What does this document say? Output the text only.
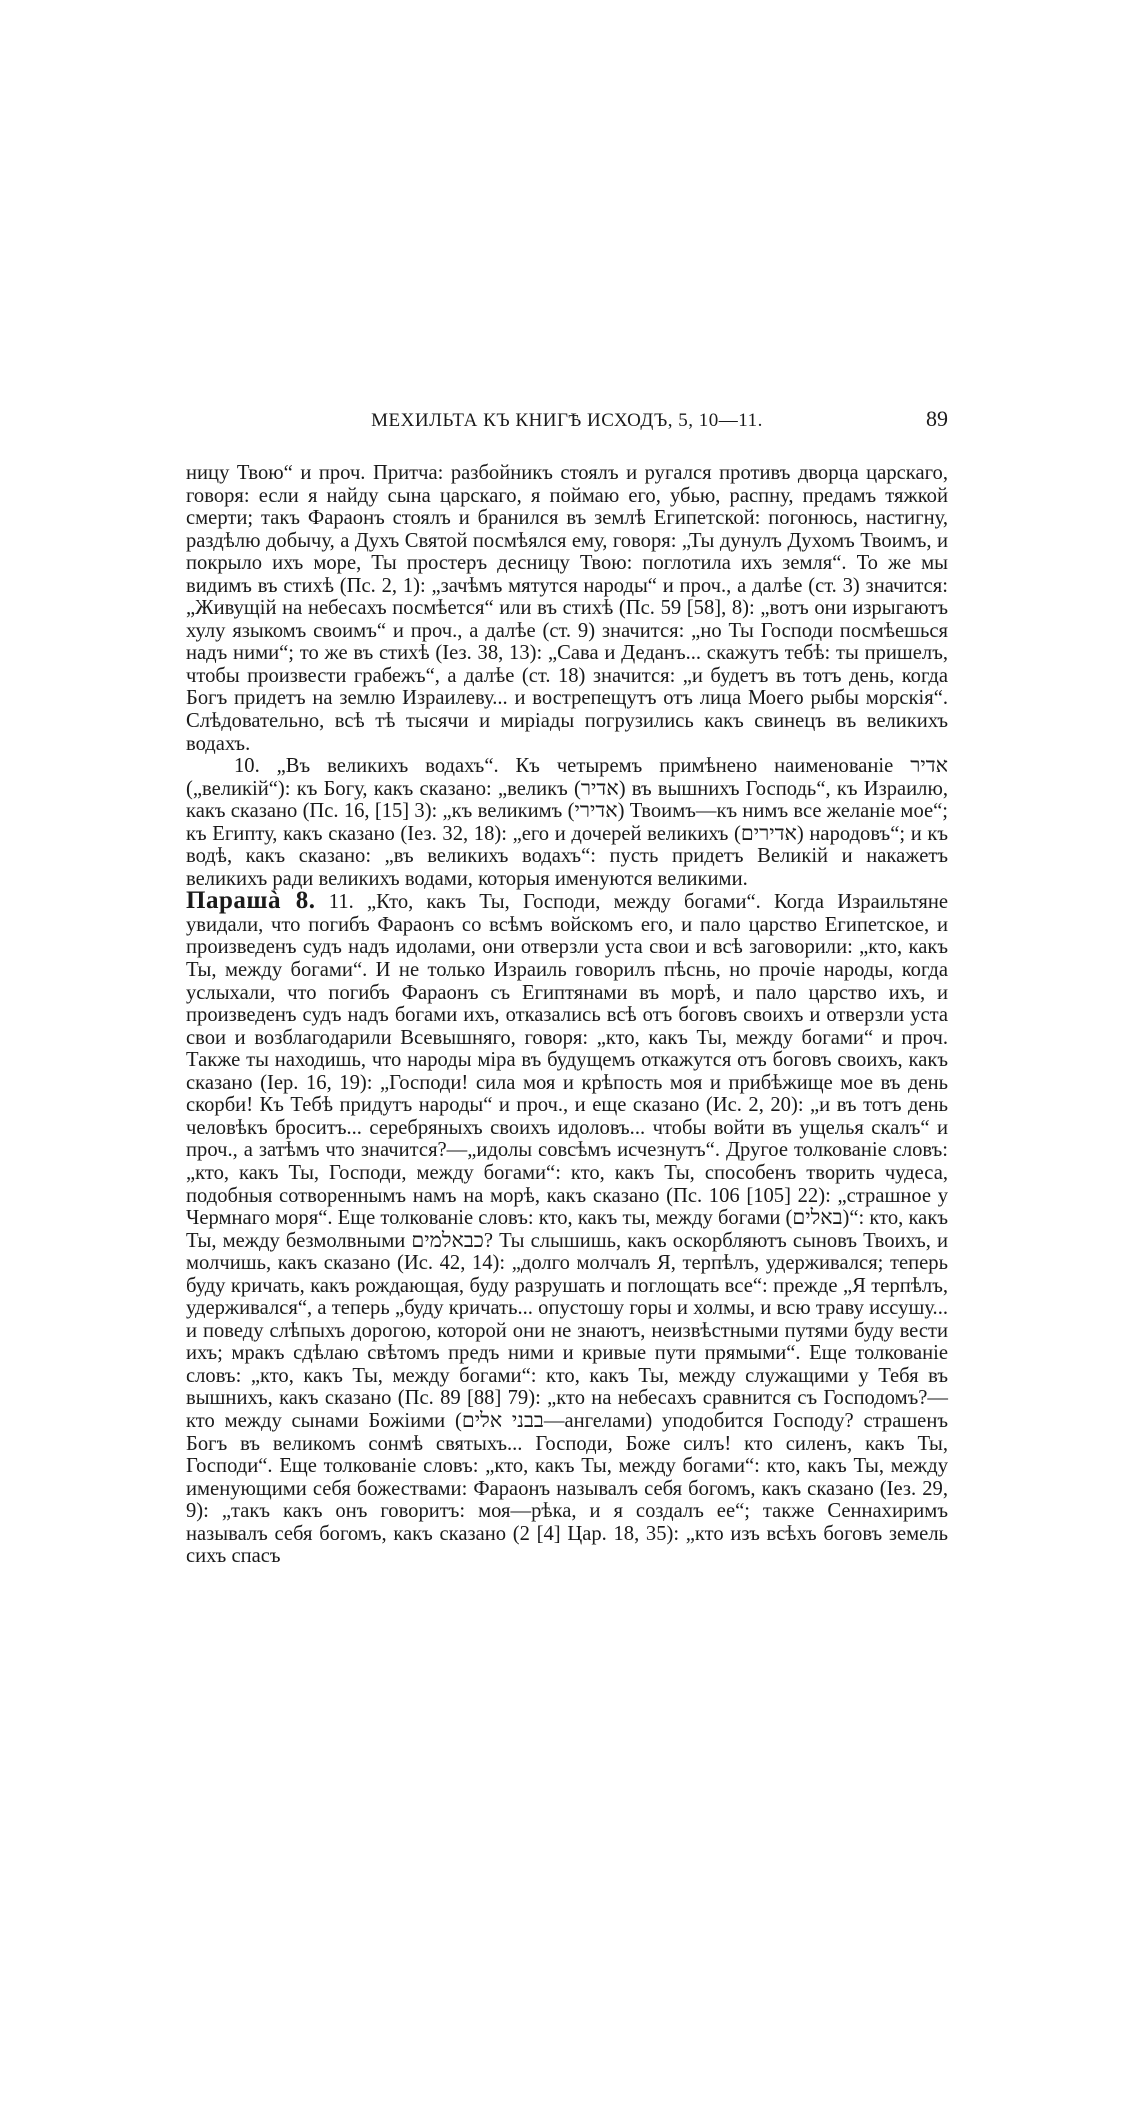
МЕХИЛЬТА КЪ КНИГѢ ИСХОДЪ, 5, 10—11.	89

ницу Твою“ и проч. Притча: разбойникъ стоялъ и ругался противъ дворца царскаго, говоря: если я найду сына царскаго, я поймаю его, убью, распну, предамъ тяжкой смерти; такъ Фараонъ стоялъ и бранился въ землѣ Египетской: погонюсь, настигну, раздѣлю добычу, а Духъ Святой посмѣялся ему, говоря: „Ты дунулъ Духомъ Твоимъ, и покрыло ихъ море, Ты простеръ десницу Твою: поглотила ихъ земля“. То же мы видимъ въ стихѣ (Пс. 2, 1): „зачѣмъ мятутся народы“ и проч., а далѣе (ст. 3) значится: „Живущій на небесахъ посмѣется“ или въ стихѣ (Пс. 59 [58], 8): „вотъ они изрыгаютъ хулу языкомъ своимъ“ и проч., а далѣе (ст. 9) значится: „но Ты Господи посмѣешься надъ ними“; то же въ стихѣ (Іез. 38, 13): „Сава и Деданъ... скажутъ тебѣ: ты пришелъ, чтобы произвести грабежъ“, а далѣе (ст. 18) значится: „и будетъ въ тотъ день, когда Богъ придетъ на землю Израилеву... и вострепещутъ отъ лица Моего рыбы морскія“. Слѣдовательно, всѣ тѣ тысячи и миріады погрузились какъ свинецъ въ великихъ водахъ.

10. „Въ великихъ водахъ“. Къ четыремъ примѣнено наименованіе אדיר („великій“): къ Богу, какъ сказано: „великъ (אדיר) въ вышнихъ Господь“, къ Израилю, какъ сказано (Пс. 16, [15] 3): „къ великимъ (אדירי) Твоимъ—къ нимъ все желаніе мое“; къ Египту, какъ сказано (Іез. 32, 18): „его и дочерей великихъ (אדירים) народовъ“; и къ водѣ, какъ сказано: „въ великихъ водахъ“: пусть придетъ Великій и накажетъ великихъ ради великихъ водами, которыя именуются великими.

Парашà 8. 11. „Кто, какъ Ты, Господи, между богами“. Когда Израильтяне увидали, что погибъ Фараонъ со всѣмъ войскомъ его, и пало царство Египетское, и произведенъ судъ надъ идолами, они отверзли уста свои и всѣ заговорили: „кто, какъ Ты, между богами“. И не только Израиль говорилъ пѣснь, но прочіе народы, когда услыхали, что погибъ Фараонъ съ Египтянами въ морѣ, и пало царство ихъ, и произведенъ судъ надъ богами ихъ, отказались всѣ отъ боговъ своихъ и отверзли уста свои и возблагодарили Всевышняго, говоря: „кто, какъ Ты, между богами“ и проч. Также ты находишь, что народы міра въ будущемъ откажутся отъ боговъ своихъ, какъ сказано (Іер. 16, 19): „Господи! сила моя и крѣпость моя и прибѣжище мое въ день скорби! Къ Тебѣ придутъ народы“ и проч., и еще сказано (Ис. 2, 20): „и въ тотъ день человѣкъ броситъ... серебряныхъ своихъ идоловъ... чтобы войти въ ущелья скалъ“ и проч., а затѣмъ что значится?—„идолы совсѣмъ исчезнутъ“. Другое толкованіе словъ: „кто, какъ Ты, Господи, между богами“: кто, какъ Ты, способенъ творить чудеса, подобныя сотвореннымъ намъ на морѣ, какъ сказано (Пс. 106 [105] 22): „страшное у Чермнаго моря“. Еще толкованіе словъ: кто, какъ ты, между богами (באלים)“: кто, какъ Ты, между безмолвными כבאלמים? Ты слышишь, какъ оскорбляютъ сыновъ Твоихъ, и молчишь, какъ сказано (Ис. 42, 14): „долго молчалъ Я, терпѣлъ, удерживался; теперь буду кричать, какъ рождающая, буду разрушать и поглощать все“: прежде „Я терпѣлъ, удерживался“, а теперь „буду кричать... опустошу горы и холмы, и всю траву иссушу... и поведу слѣпыхъ дорогою, которой они не знаютъ, неизвѣстными путями буду вести ихъ; мракъ сдѣлаю свѣтомъ предъ ними и кривые пути прямыми“. Еще толкованіе словъ: „кто, какъ Ты, между богами“: кто, какъ Ты, между служащими у Тебя въ вышнихъ, какъ сказано (Пс. 89 [88] 79): „кто на небесахъ сравнится съ Господомъ?—кто между сынами Божіими (בבני אלים—ангелами) уподобится Господу? страшенъ Богъ въ великомъ сонмѣ святыхъ... Господи, Боже силъ! кто силенъ, какъ Ты, Господи“. Еще толкованіе словъ: „кто, какъ Ты, между богами“: кто, какъ Ты, между именующими себя божествами: Фараонъ называлъ себя богомъ, какъ сказано (Іез. 29, 9): „такъ какъ онъ говоритъ: моя—рѣка, и я создалъ ее“; также Сеннахиримъ называлъ себя богомъ, какъ сказано (2 [4] Цар. 18, 35): „кто изъ всѣхъ боговъ земель сихъ спасъ
